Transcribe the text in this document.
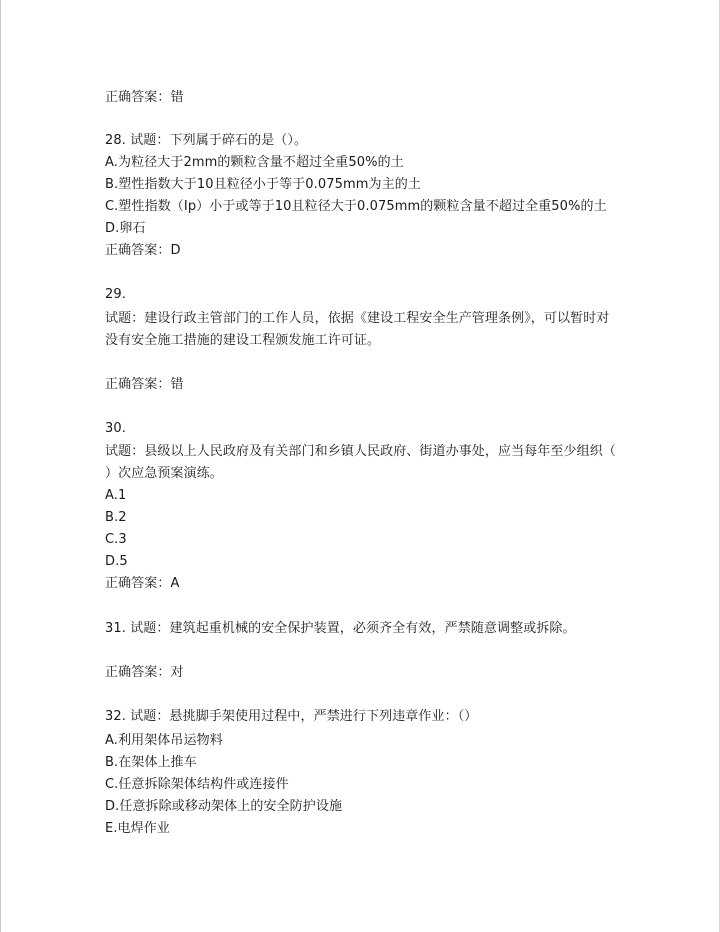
正确答案：错
28. 试题：下列属于碎石的是（）。
A.为粒径大于2mm的颗粒含量不超过全重50%的土
B.塑性指数大于10且粒径小于等于0.075mm为主的土
C.塑性指数（Ip）小于或等于10且粒径大于0.075mm的颗粒含量不超过全重50%的土
D.卵石
正确答案：D
29.
试题：建设行政主管部门的工作人员，依据《建设工程安全生产管理条例》，可以暂时对
没有安全施工措施的建设工程颁发施工许可证。
正确答案：错
30.
试题：县级以上人民政府及有关部门和乡镇人民政府、街道办事处，应当每年至少组织（
）次应急预案演练。
A.1
B.2
C.3
D.5
正确答案：A
31. 试题：建筑起重机械的安全保护装置，必须齐全有效，严禁随意调整或拆除。
正确答案：对
32. 试题：悬挑脚手架使用过程中，严禁进行下列违章作业：（）
A.利用架体吊运物料
B.在架体上推车
C.任意拆除架体结构件或连接件
D.任意拆除或移动架体上的安全防护设施
E.电焊作业
